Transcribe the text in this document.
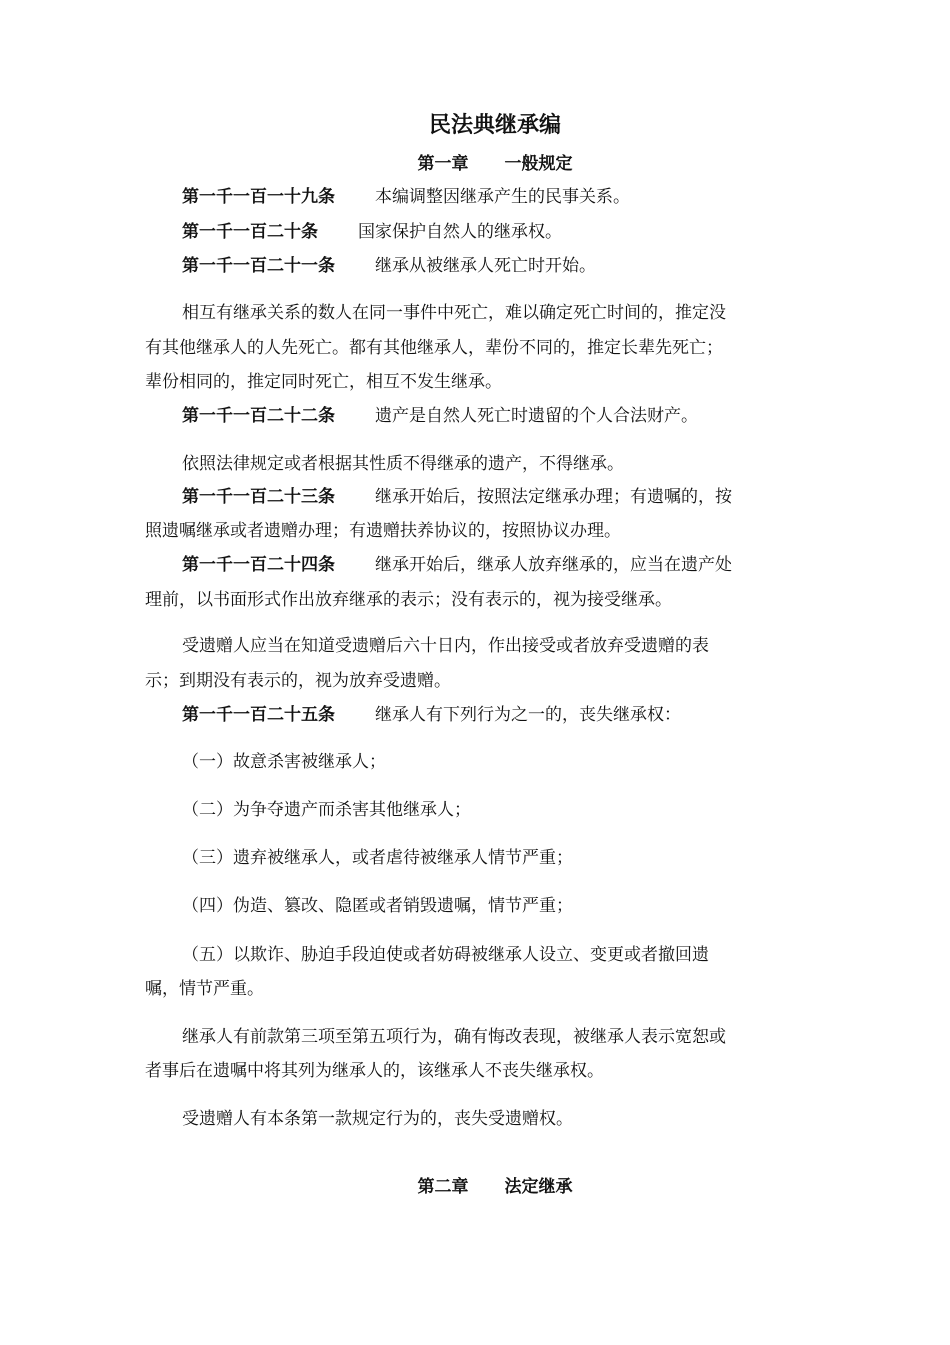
民法典继承编
第一章 一般规定
第一千一百一十九条 本编调整因继承产生的民事关系。
第一千一百二十条 国家保护自然人的继承权。
第一千一百二十一条 继承从被继承人死亡时开始。
相互有继承关系的数人在同一事件中死亡，难以确定死亡时间的，推定没
有其他继承人的人先死亡。都有其他继承人，辈份不同的，推定长辈先死亡；
辈份相同的，推定同时死亡，相互不发生继承。
第一千一百二十二条 遗产是自然人死亡时遗留的个人合法财产。
依照法律规定或者根据其性质不得继承的遗产，不得继承。
第一千一百二十三条 继承开始后，按照法定继承办理；有遗嘱的，按
照遗嘱继承或者遗赠办理；有遗赠扶养协议的，按照协议办理。
第一千一百二十四条 继承开始后，继承人放弃继承的，应当在遗产处
理前，以书面形式作出放弃继承的表示；没有表示的，视为接受继承。
受遗赠人应当在知道受遗赠后六十日内，作出接受或者放弃受遗赠的表
示；到期没有表示的，视为放弃受遗赠。
第一千一百二十五条 继承人有下列行为之一的，丧失继承权：
（一）故意杀害被继承人；
（二）为争夺遗产而杀害其他继承人；
（三）遗弃被继承人，或者虐待被继承人情节严重；
（四）伪造、篡改、隐匿或者销毁遗嘱，情节严重；
（五）以欺诈、胁迫手段迫使或者妨碍被继承人设立、变更或者撤回遗
嘱，情节严重。
继承人有前款第三项至第五项行为，确有悔改表现，被继承人表示宽恕或
者事后在遗嘱中将其列为继承人的，该继承人不丧失继承权。
受遗赠人有本条第一款规定行为的，丧失受遗赠权。
第二章 法定继承
